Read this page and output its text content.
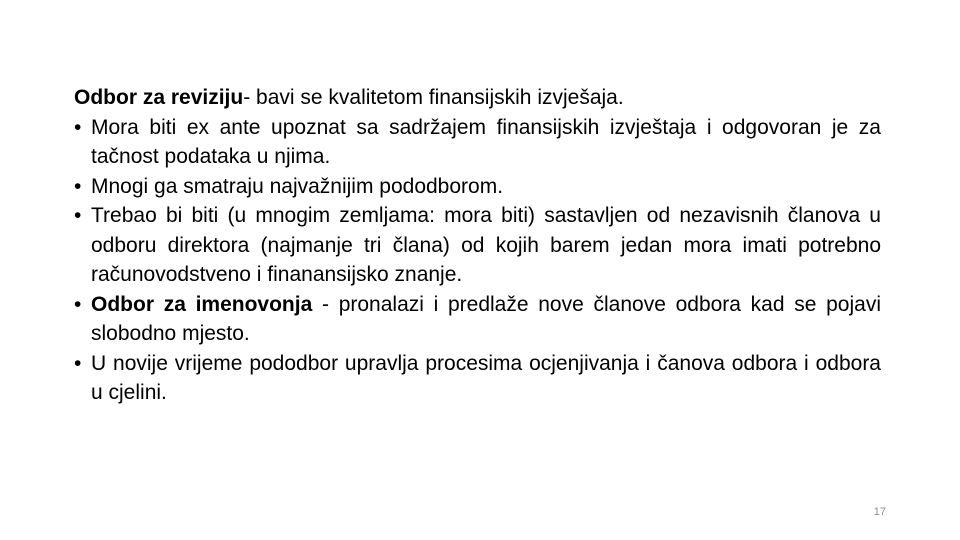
Odbor za reviziju- bavi se kvalitetom finansijskih izvješaja.

• Mora biti ex ante upoznat sa sadržajem finansijskih izvještaja i odgovoran je za tačnost podataka u njima.
• Mnogi ga smatraju najvažnijim pododborom.
• Trebao bi biti (u mnogim zemljama: mora biti) sastavljen od nezavisnih članova u odboru direktora (najmanje tri člana) od kojih barem jedan mora imati potrebno računovodstveno i finanansijsko znanje.
• Odbor za imenovonja - pronalazi i predlaže nove članove odbora kad se pojavi slobodno mjesto.
• U novije vrijeme pododbor upravlja procesima ocjenjivanja i čanova odbora i odbora u cjelini.
17
